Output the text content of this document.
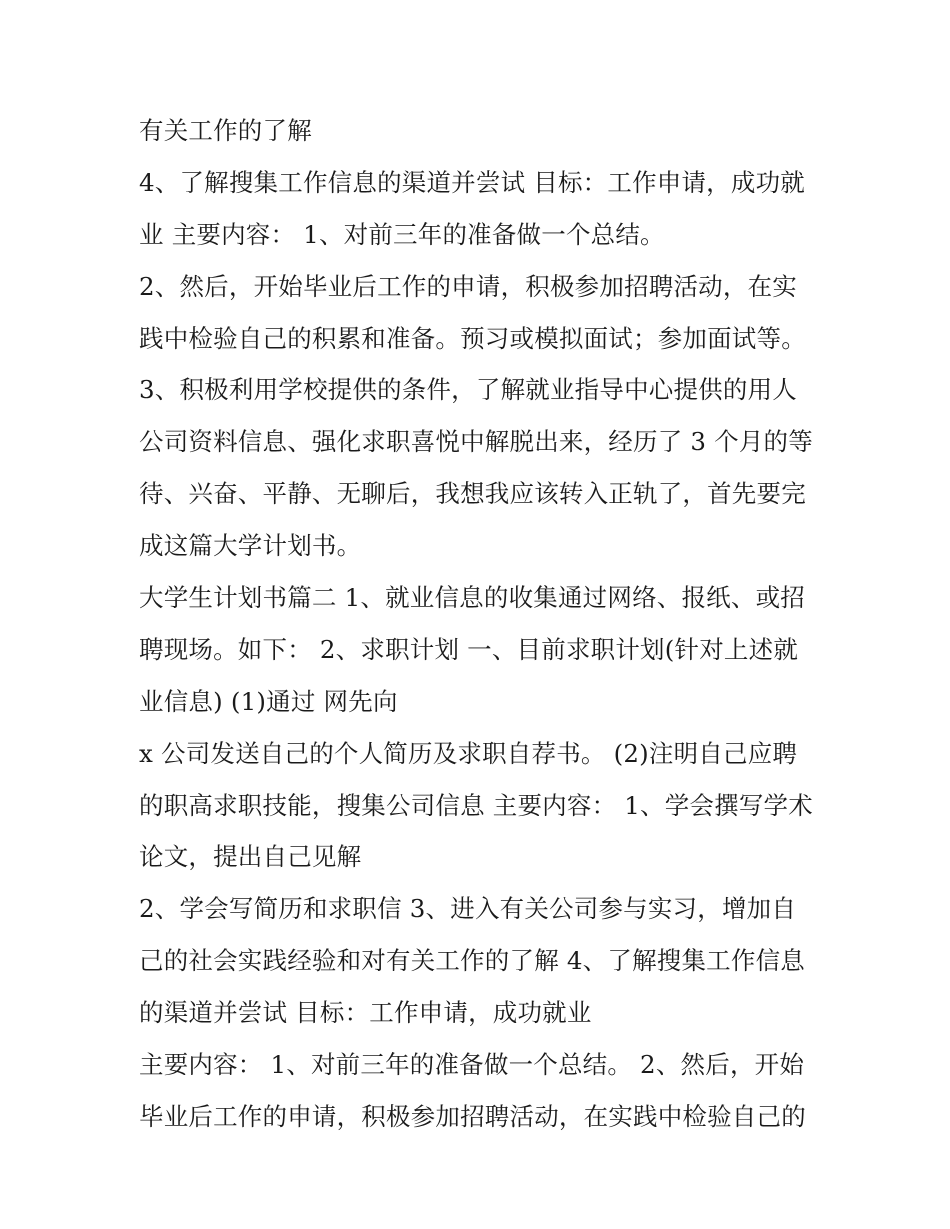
有关工作的了解
4、了解搜集工作信息的渠道并尝试 目标：工作申请，成功就
业 主要内容： 1、对前三年的准备做一个总结。
2、然后，开始毕业后工作的申请，积极参加招聘活动，在实
践中检验自己的积累和准备。预习或模拟面试；参加面试等。
3、积极利用学校提供的条件，了解就业指导中心提供的用人
公司资料信息、强化求职喜悦中解脱出来，经历了 3 个月的等
待、兴奋、平静、无聊后，我想我应该转入正轨了，首先要完
成这篇大学计划书。
大学生计划书篇二 1、就业信息的收集通过网络、报纸、或招
聘现场。如下： 2、求职计划 一、目前求职计划(针对上述就
业信息) (1)通过 网先向
x 公司发送自己的个人简历及求职自荐书。 (2)注明自己应聘
的职高求职技能，搜集公司信息 主要内容： 1、学会撰写学术
论文，提出自己见解
2、学会写简历和求职信 3、进入有关公司参与实习，增加自
己的社会实践经验和对有关工作的了解 4、了解搜集工作信息
的渠道并尝试 目标：工作申请，成功就业
主要内容： 1、对前三年的准备做一个总结。 2、然后，开始
毕业后工作的申请，积极参加招聘活动，在实践中检验自己的
